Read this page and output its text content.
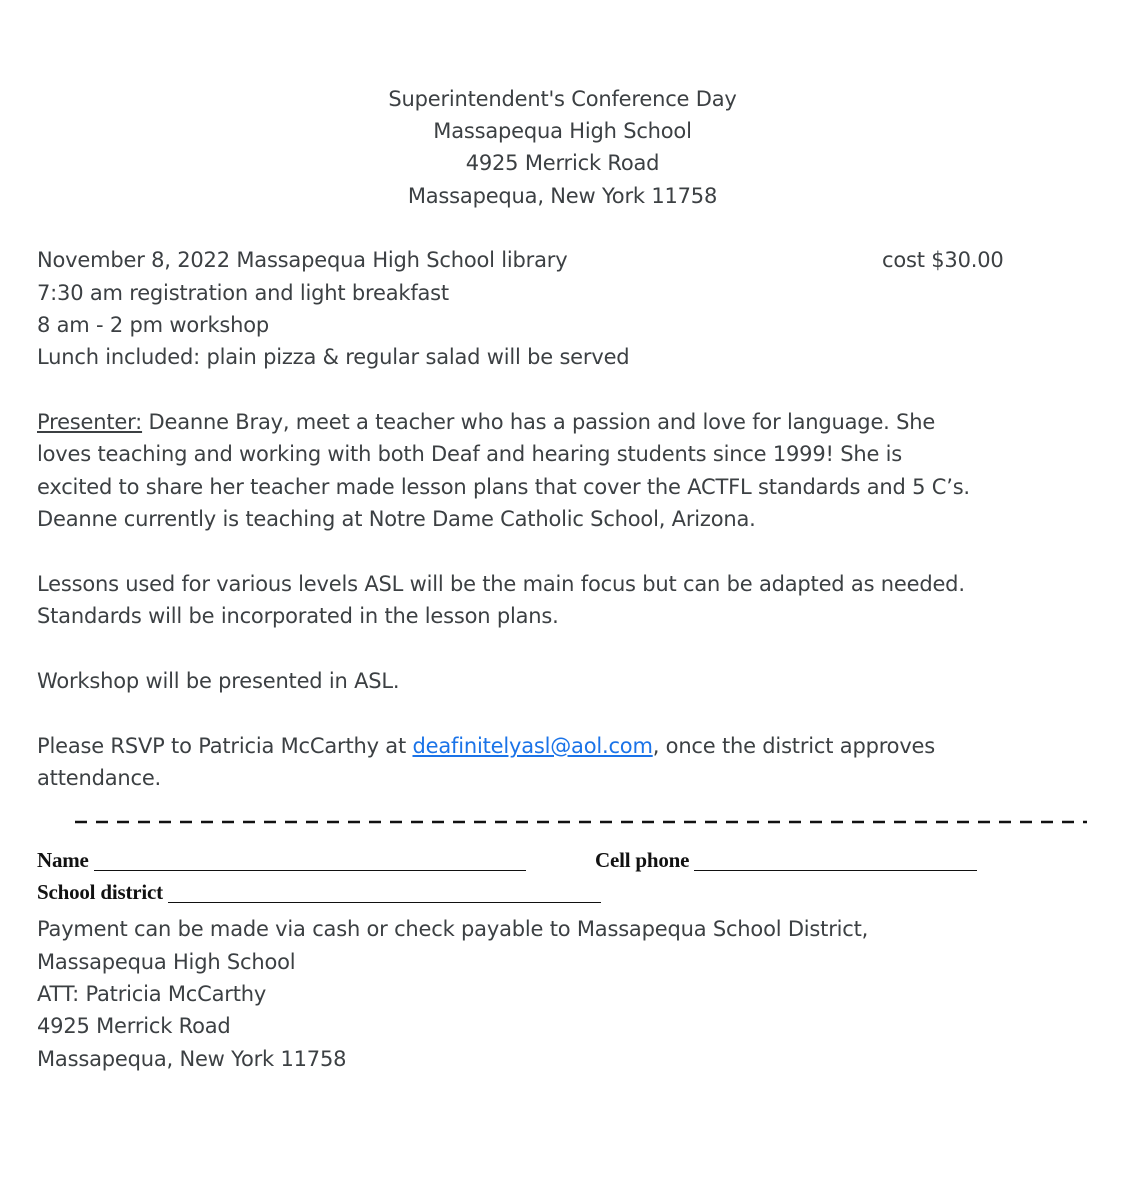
Superintendent's Conference Day
Massapequa High School
4925 Merrick Road
Massapequa, New York 11758
November 8, 2022 Massapequa High School library	cost $30.00
7:30 am registration and light breakfast
8 am - 2 pm workshop
Lunch included: plain pizza & regular salad will be served
Presenter: Deanne Bray, meet a teacher who has a passion and love for language. She
loves teaching and working with both Deaf and hearing students since 1999! She is
excited to share her teacher made lesson plans that cover the ACTFL standards and 5 C’s.
Deanne currently is teaching at Notre Dame Catholic School, Arizona.
Lessons used for various levels ASL will be the main focus but can be adapted as needed.
Standards will be incorporated in the lesson plans.
Workshop will be presented in ASL.
Please RSVP to Patricia McCarthy at deafinitelyasl@aol.com, once the district approves
attendance.
Name	Cell phone
School district
Payment can be made via cash or check payable to Massapequa School District,
Massapequa High School
ATT: Patricia McCarthy
4925 Merrick Road
Massapequa, New York 11758
